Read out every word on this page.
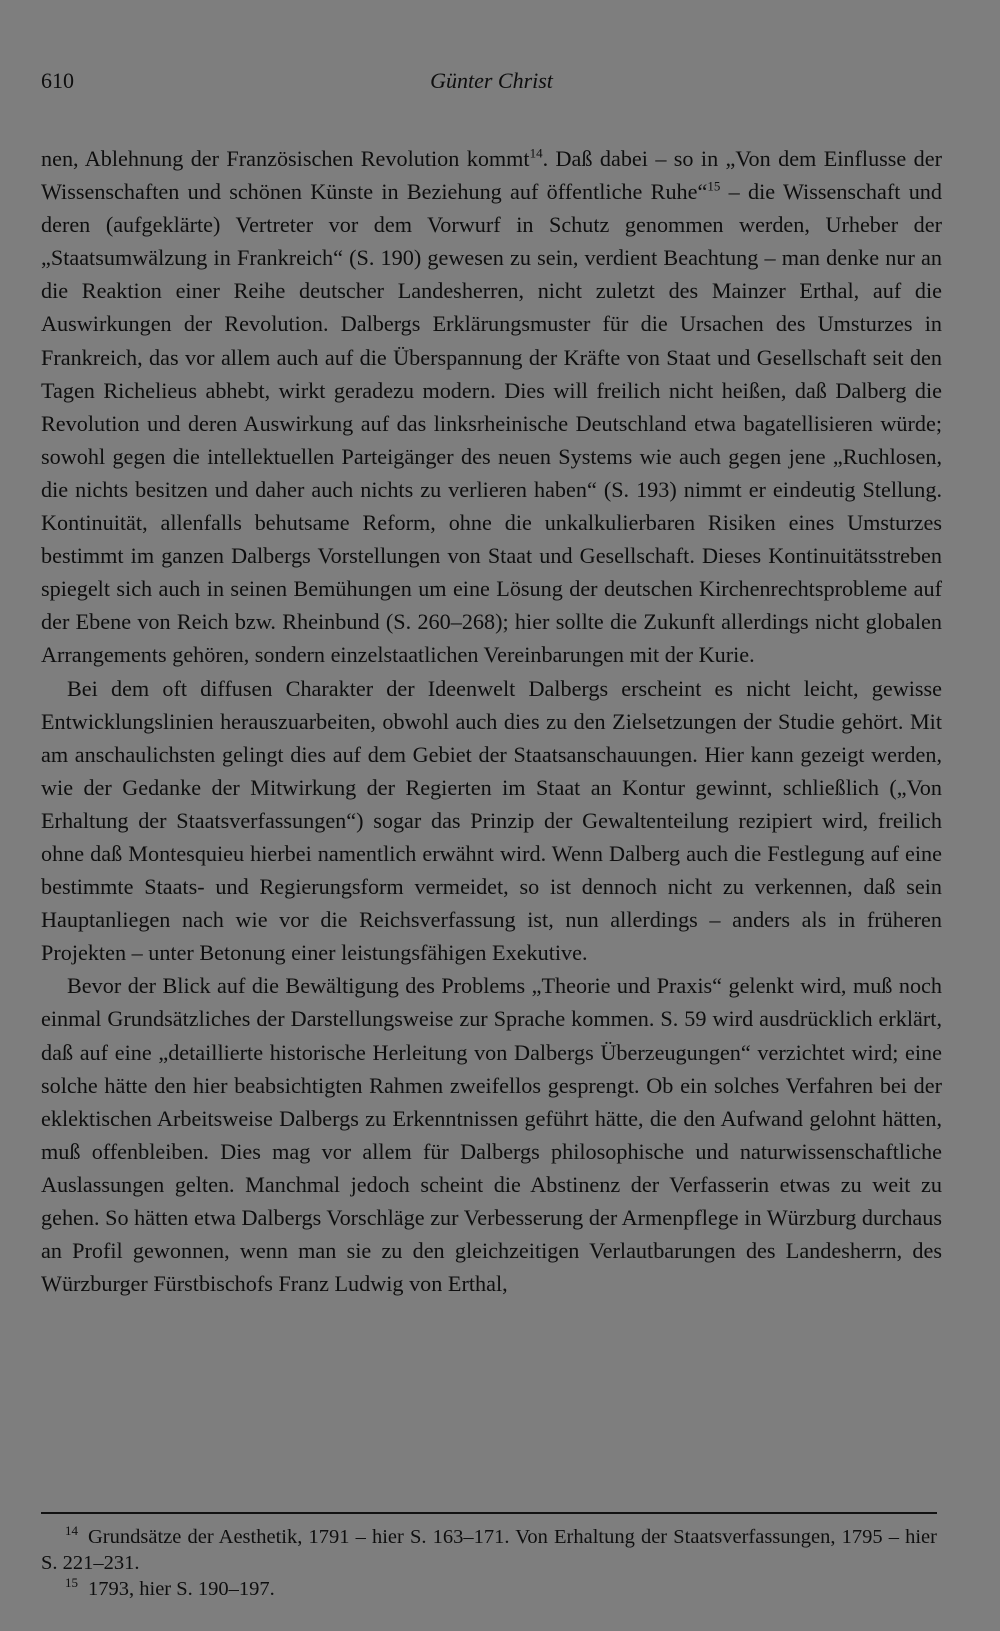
610	Günter Christ

nen, Ablehnung der Französischen Revolution kommt$^{14}$. Daß dabei – so in „Von dem Einflusse der Wissenschaften und schönen Künste in Beziehung auf öffentliche Ruhe“$^{15}$ – die Wissenschaft und deren (aufgeklärte) Vertreter vor dem Vorwurf in Schutz genommen werden, Urheber der „Staatsumwälzung in Frankreich“ (S. 190) gewesen zu sein, verdient Beachtung – man denke nur an die Reaktion einer Reihe deutscher Landesherren, nicht zuletzt des Mainzer Erthal, auf die Auswirkungen der Revolution. Dalbergs Erklärungsmuster für die Ursachen des Umsturzes in Frankreich, das vor allem auch auf die Überspannung der Kräfte von Staat und Gesellschaft seit den Tagen Richelieus abhebt, wirkt geradezu modern. Dies will freilich nicht heißen, daß Dalberg die Revolution und deren Auswirkung auf das linksrheinische Deutschland etwa bagatellisieren würde; sowohl gegen die intellektuellen Parteigänger des neuen Systems wie auch gegen jene „Ruchlosen, die nichts besitzen und daher auch nichts zu verlieren haben“ (S. 193) nimmt er eindeutig Stellung. Kontinuität, allenfalls behutsame Reform, ohne die unkalkulierbaren Risiken eines Umsturzes bestimmt im ganzen Dalbergs Vorstellungen von Staat und Gesellschaft. Dieses Kontinuitätsstreben spiegelt sich auch in seinen Bemühungen um eine Lösung der deutschen Kirchenrechtsprobleme auf der Ebene von Reich bzw. Rheinbund (S. 260–268); hier sollte die Zukunft allerdings nicht globalen Arrangements gehören, sondern einzelstaatlichen Vereinbarungen mit der Kurie.

Bei dem oft diffusen Charakter der Ideenwelt Dalbergs erscheint es nicht leicht, gewisse Entwicklungslinien herauszuarbeiten, obwohl auch dies zu den Zielsetzungen der Studie gehört. Mit am anschaulichsten gelingt dies auf dem Gebiet der Staatsanschauungen. Hier kann gezeigt werden, wie der Gedanke der Mitwirkung der Regierten im Staat an Kontur gewinnt, schließlich („Von Erhaltung der Staatsverfassungen“) sogar das Prinzip der Gewaltenteilung rezipiert wird, freilich ohne daß Montesquieu hierbei namentlich erwähnt wird. Wenn Dalberg auch die Festlegung auf eine bestimmte Staats- und Regierungsform vermeidet, so ist dennoch nicht zu verkennen, daß sein Hauptanliegen nach wie vor die Reichsverfassung ist, nun allerdings – anders als in früheren Projekten – unter Betonung einer leistungsfähigen Exekutive.

Bevor der Blick auf die Bewältigung des Problems „Theorie und Praxis“ gelenkt wird, muß noch einmal Grundsätzliches der Darstellungsweise zur Sprache kommen. S. 59 wird ausdrücklich erklärt, daß auf eine „detaillierte historische Herleitung von Dalbergs Überzeugungen“ verzichtet wird; eine solche hätte den hier beabsichtigten Rahmen zweifellos gesprengt. Ob ein solches Verfahren bei der eklektischen Arbeitsweise Dalbergs zu Erkenntnissen geführt hätte, die den Aufwand gelohnt hätten, muß offenbleiben. Dies mag vor allem für Dalbergs philosophische und naturwissenschaftliche Auslassungen gelten. Manchmal jedoch scheint die Abstinenz der Verfasserin etwas zu weit zu gehen. So hätten etwa Dalbergs Vorschläge zur Verbesserung der Armenpflege in Würzburg durchaus an Profil gewonnen, wenn man sie zu den gleichzeitigen Verlautbarungen des Landesherrn, des Würzburger Fürstbischofs Franz Ludwig von Erthal,

$^{14}$ Grundsätze der Aesthetik, 1791 – hier S. 163–171. Von Erhaltung der Staatsverfassungen, 1795 – hier S. 221–231.

$^{15}$ 1793, hier S. 190–197.
